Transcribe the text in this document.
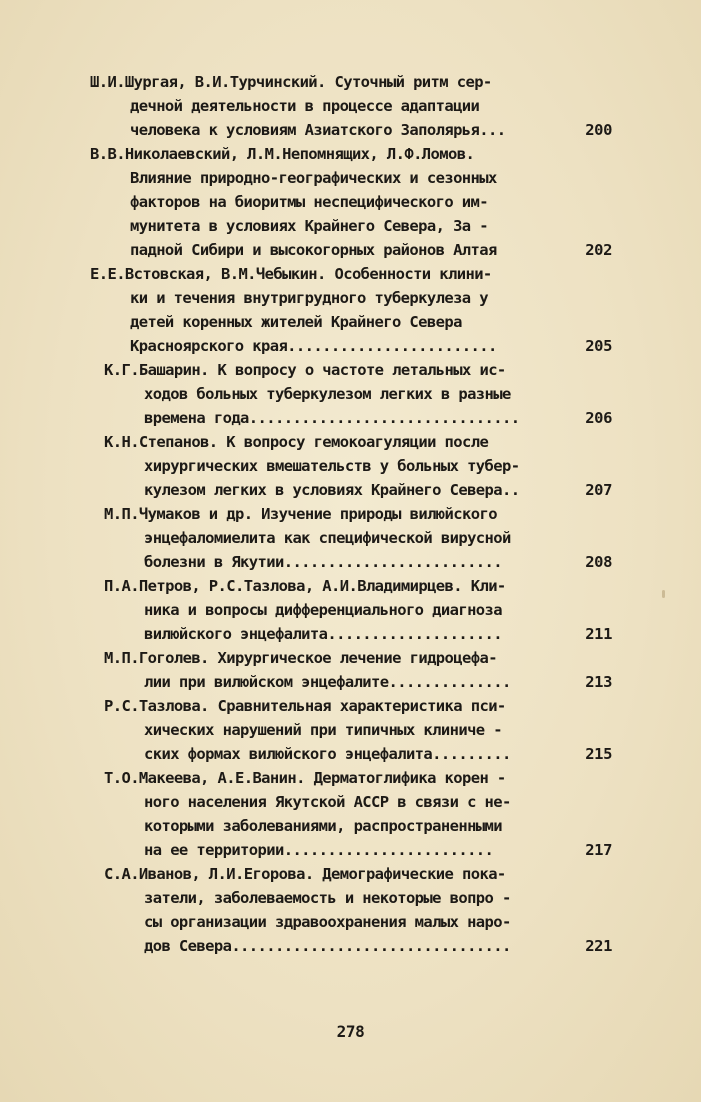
Ш.И.Шургая, В.И.Турчинский. Суточный ритм сер-
дечной деятельности в процессе адаптации
человека к условиям Азиатского Заполярья...	200
В.В.Николаевский, Л.М.Непомнящих, Л.Ф.Ломов.
Влияние природно-географических и сезонных
факторов на биоритмы неспецифического им-
мунитета в условиях Крайнего Севера, За -
падной Сибири и высокогорных районов Алтая	202
Е.Е.Встовская, В.М.Чебыкин. Особенности клини-
ки и течения внутригрудного туберкулеза у
детей коренных жителей Крайнего Севера
Красноярского края........................	205
К.Г.Башарин. К вопросу о частоте летальных ис-
ходов больных туберкулезом легких в разные
времена года...............................	206
К.Н.Степанов. К вопросу гемокоагуляции после
хирургических вмешательств у больных тубер-
кулезом легких в условиях Крайнего Севера..	207
М.П.Чумаков и др. Изучение природы вилюйского
энцефаломиелита как специфической вирусной
болезни в Якутии.........................	208
П.А.Петров, Р.С.Тазлова, А.И.Владимирцев. Кли-
ника и вопросы дифференциального диагноза
вилюйского энцефалита....................	211
М.П.Гоголев. Хирургическое лечение гидроцефа-
лии при вилюйском энцефалите..............	213
Р.С.Тазлова. Сравнительная характеристика пси-
хических нарушений при типичных клиниче -
ских формах вилюйского энцефалита.........	215
Т.О.Макеева, А.Е.Ванин. Дерматоглифика корен -
ного населения Якутской АССР в связи с не-
которыми заболеваниями, распространенными
на ее территории........................	217
С.А.Иванов, Л.И.Егорова. Демографические пока-
затели, заболеваемость и некоторые вопро -
сы организации здравоохранения малых наро-
дов Севера................................	221
278
